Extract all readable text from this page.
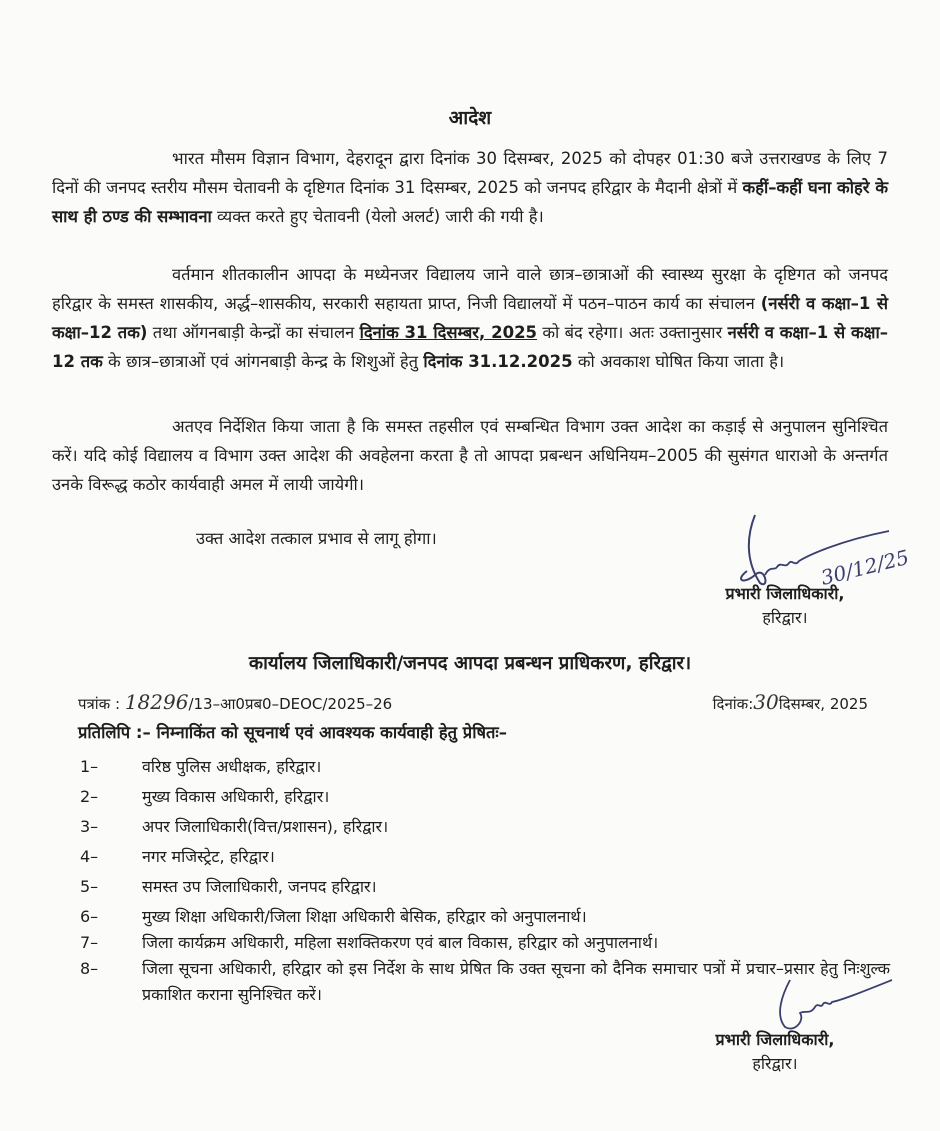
आदेश
भारत मौसम विज्ञान विभाग, देहरादून द्वारा दिनांक 30 दिसम्बर, 2025 को दोपहर 01:30 बजे उत्तराखण्ड के लिए 7 दिनों की जनपद स्तरीय मौसम चेतावनी के दृष्टिगत दिनांक 31 दिसम्बर, 2025 को जनपद हरिद्वार के मैदानी क्षेत्रों में कहीं–कहीं घना कोहरे के साथ ही ठण्ड की सम्भावना व्यक्त करते हुए चेतावनी (येलो अलर्ट) जारी की गयी है।
वर्तमान शीतकालीन आपदा के मध्येनजर विद्यालय जाने वाले छात्र–छात्राओं की स्वास्थ्य सुरक्षा के दृष्टिगत को जनपद हरिद्वार के समस्त शासकीय, अर्द्ध–शासकीय, सरकारी सहायता प्राप्त, निजी विद्यालयों में पठन–पाठन कार्य का संचालन (नर्सरी व कक्षा–1 से कक्षा–12 तक) तथा ऑगनबाड़ी केन्द्रों का संचालन दिनांक 31 दिसम्बर, 2025 को बंद रहेगा। अतः उक्तानुसार नर्सरी व कक्षा–1 से कक्षा–12 तक के छात्र–छात्राओं एवं आंगनबाड़ी केन्द्र के शिशुओं हेतु दिनांक 31.12.2025 को अवकाश घोषित किया जाता है।
अतएव निर्देशित किया जाता है कि समस्त तहसील एवं सम्बन्धित विभाग उक्त आदेश का कड़ाई से अनुपालन सुनिश्चित करें। यदि कोई विद्यालय व विभाग उक्त आदेश की अवहेलना करता है तो आपदा प्रबन्धन अधिनियम–2005 की सुसंगत धाराओ के अन्तर्गत उनके विरूद्ध कठोर कार्यवाही अमल में लायी जायेगी।
उक्त आदेश तत्काल प्रभाव से लागू होगा।
30/12/25
प्रभारी जिलाधिकारी,
हरिद्वार।
कार्यालय जिलाधिकारी/जनपद आपदा प्रबन्धन प्राधिकरण, हरिद्वार।
पत्रांक : 18296/13–आ0प्रब0–DEOC/2025–26	दिनांक:30दिसम्बर, 2025
प्रतिलिपि :– निम्नाकिंत को सूचनार्थ एवं आवश्यक कार्यवाही हेतु प्रेषितः–
1–	वरिष्ठ पुलिस अधीक्षक, हरिद्वार।
2–	मुख्य विकास अधिकारी, हरिद्वार।
3–	अपर जिलाधिकारी(वित्त/प्रशासन), हरिद्वार।
4–	नगर मजिस्ट्रेट, हरिद्वार।
5–	समस्त उप जिलाधिकारी, जनपद हरिद्वार।
6–	मुख्य शिक्षा अधिकारी/जिला शिक्षा अधिकारी बेसिक, हरिद्वार को अनुपालनार्थ।
7–	जिला कार्यक्रम अधिकारी, महिला सशक्तिकरण एवं बाल विकास, हरिद्वार को अनुपालनार्थ।
8–	जिला सूचना अधिकारी, हरिद्वार को इस निर्देश के साथ प्रेषित कि उक्त सूचना को दैनिक समाचार पत्रों में प्रचार–प्रसार हेतु निःशुल्क प्रकाशित कराना सुनिश्चित करें।
प्रभारी जिलाधिकारी,
हरिद्वार।
